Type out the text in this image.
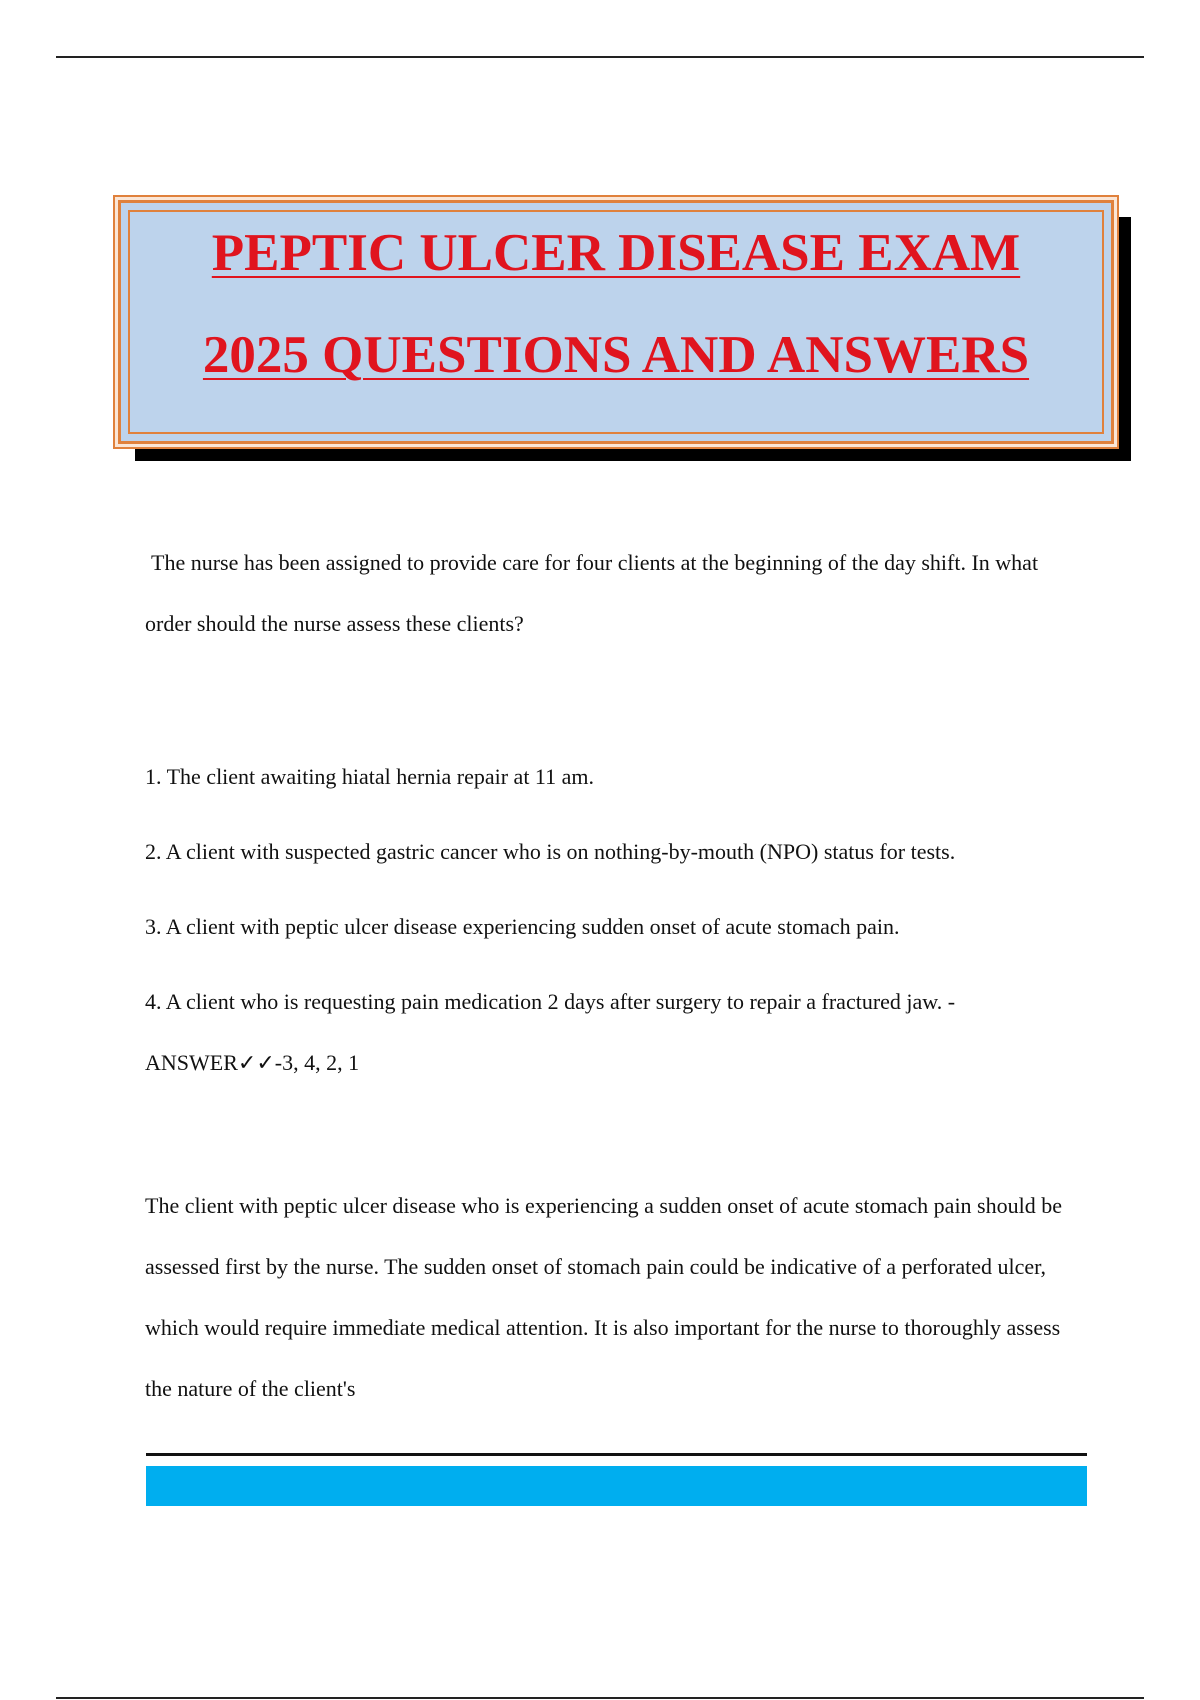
PEPTIC ULCER DISEASE EXAM
2025 QUESTIONS AND ANSWERS

The nurse has been assigned to provide care for four clients at the beginning of the day shift. In what order should the nurse assess these clients?

1. The client awaiting hiatal hernia repair at 11 am.

2. A client with suspected gastric cancer who is on nothing-by-mouth (NPO) status for tests.

3. A client with peptic ulcer disease experiencing sudden onset of acute stomach pain.

4. A client who is requesting pain medication 2 days after surgery to repair a fractured jaw. - ANSWER✓✓-3, 4, 2, 1

The client with peptic ulcer disease who is experiencing a sudden onset of acute stomach pain should be assessed first by the nurse. The sudden onset of stomach pain could be indicative of a perforated ulcer, which would require immediate medical attention. It is also important for the nurse to thoroughly assess the nature of the client's
